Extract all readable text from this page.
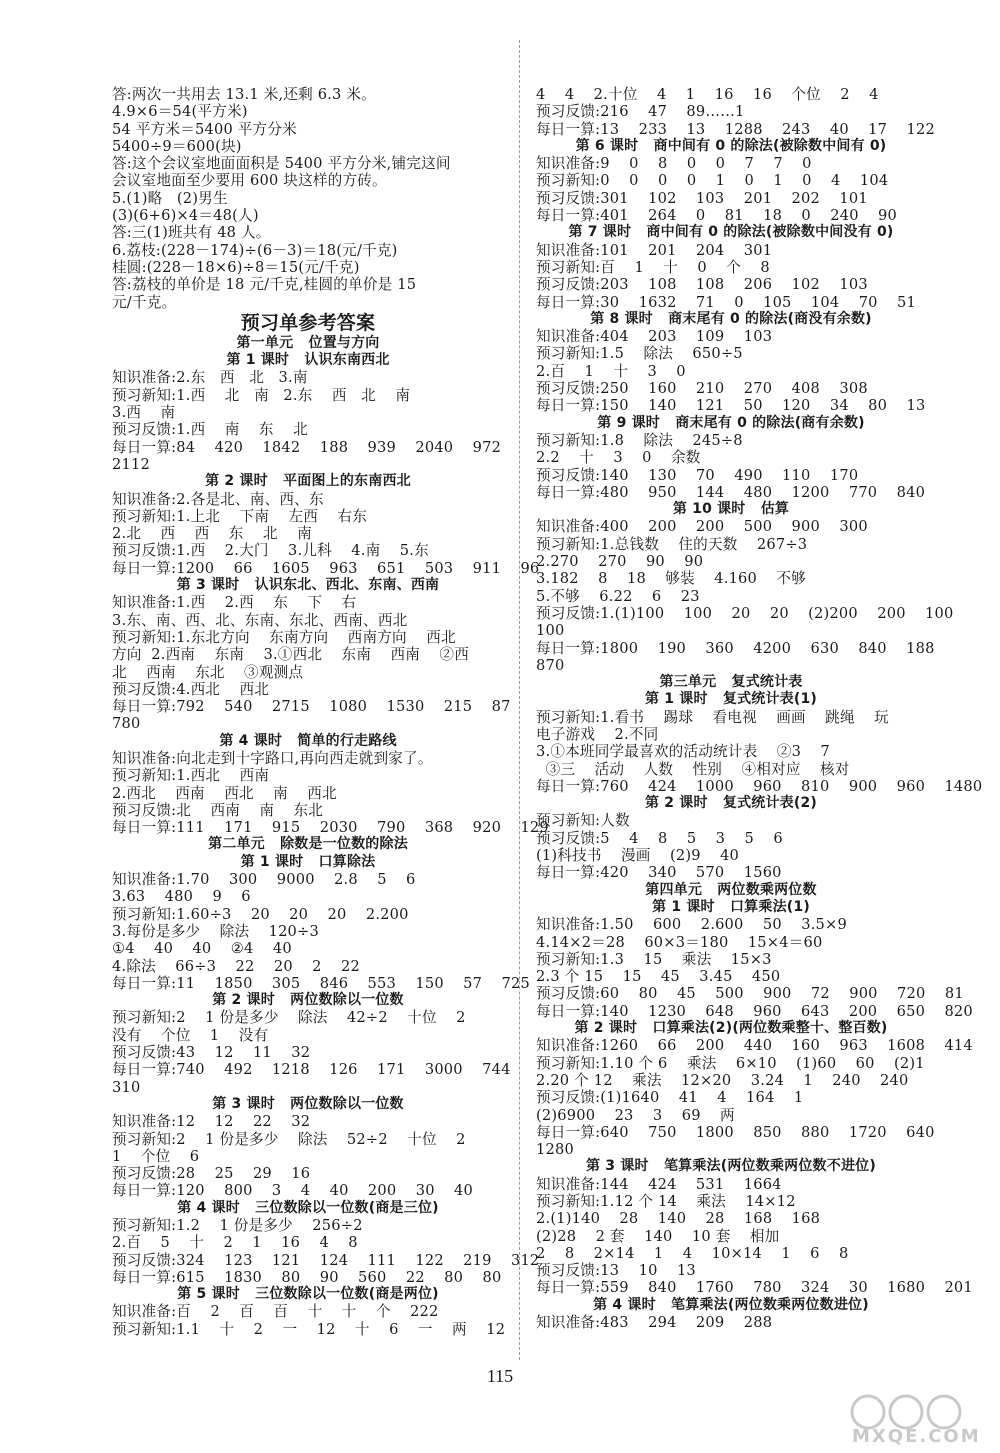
答:两次一共用去 13.1 米,还剩 6.3 米。
4.9×6＝54(平方米)
54 平方米＝5400 平方分米
5400÷9＝600(块)
答:这个会议室地面面积是 5400 平方分米,铺完这间
会议室地面至少要用 600 块这样的方砖。
5.(1)略   (2)男生
(3)(6+6)×4＝48(人)
答:三(1)班共有 48 人。
6.荔枝:(228－174)÷(6－3)＝18(元/千克)
桂圆:(228－18×6)÷8＝15(元/千克)
答:荔枝的单价是 18 元/千克,桂圆的单价是 15
元/千克。
预习单参考答案
第一单元   位置与方向
第 1 课时   认识东南西北
知识准备:2.东   西   北   3.南
预习新知:1.西    北   南   2.东    西   北    南
3.西    南
预习反馈:1.西    南    东    北
每日一算:84    420    1842    188    939    2040    972
2112
第 2 课时   平面图上的东南西北
知识准备:2.各是北、南、西、东
预习新知:1.上北    下南    左西    右东
2.北    西    西    东    北    南
预习反馈:1.西    2.大门    3.儿科    4.南    5.东
每日一算:1200    66    1605    963    651    503    911    96
第 3 课时   认识东北、西北、东南、西南
知识准备:1.西    2.西    东    下    右
3.东、南、西、北、东南、东北、西南、西北
预习新知:1.东北方向    东南方向    西南方向    西北
方向  2.西南    东南    3.①西北    东南    西南    ②西
北    西南    东北    ③观测点
预习反馈:4.西北    西北
每日一算:792    540    2715    1080    1530    215    87
780
第 4 课时   简单的行走路线
知识准备:向北走到十字路口,再向西走就到家了。
预习新知:1.西北    西南
2.西北    西南    西北    南    西北
预习反馈:北    西南    南    东北
每日一算:111    171    915    2030    790    368    920    129
第二单元   除数是一位数的除法
第 1 课时   口算除法
知识准备:1.70    300    9000    2.8    5    6
3.63    480    9    6
预习新知:1.60÷3    20    20    20    2.200
3.每份是多少    除法    120÷3
①4    40    40    ②4    40
4.除法    66÷3    22    20    2    22
每日一算:11    1850    305    846    553    150    57    725
第 2 课时   两位数除以一位数
预习新知:2    1 份是多少    除法    42÷2    十位    2
没有    个位    1    没有
预习反馈:43    12    11    32
每日一算:740    492    1218    126    171    3000    744
310
第 3 课时   两位数除以一位数
知识准备:12    12    22    32
预习新知:2    1 份是多少    除法    52÷2    十位    2
1    个位    6
预习反馈:28    25    29    16
每日一算:120    800    3    4    40    200    30    40
第 4 课时   三位数除以一位数(商是三位)
预习新知:1.2    1 份是多少    256÷2
2.百    5    十    2    1    16    4    8
预习反馈:324    123    121    124    111    122    219    312
每日一算:615    1830    80    90    560    22    80    80
第 5 课时   三位数除以一位数(商是两位)
知识准备:百    2    百    百    十    十    个    222
预习新知:1.1    十    2    一    12    十    6    一    两    12
4    4    2.十位    4    1    16    16    个位    2    4
预习反馈:216    47    89……1
每日一算:13    233    13    1288    243    40    17    122
第 6 课时   商中间有 0 的除法(被除数中间有 0)
知识准备:9    0    8    0    0    7    7    0
预习新知:0    0    0    0    1    0    1    0    4    104
预习反馈:301    102    103    201    202    101
每日一算:401    264    0    81    18    0    240    90
第 7 课时   商中间有 0 的除法(被除数中间没有 0)
知识准备:101    201    204    301
预习新知:百    1    十    0    个    8
预习反馈:203    108    108    206    102    103
每日一算:30    1632    71    0    105    104    70    51
第 8 课时   商末尾有 0 的除法(商没有余数)
知识准备:404    203    109    103
预习新知:1.5    除法    650÷5
2.百    1    十    3    0
预习反馈:250    160    210    270    408    308
每日一算:150    140    121    50    120    34    80    13
第 9 课时   商末尾有 0 的除法(商有余数)
预习新知:1.8    除法    245÷8
2.2    十    3    0    余数
预习反馈:140    130    70    490    110    170
每日一算:480    950    144    480    1200    770    840
第 10 课时   估算
知识准备:400    200    200    500    900    300
预习新知:1.总钱数    住的天数    267÷3
2.270    270    90    90
3.182    8    18    够装    4.160    不够
5.不够    6.22    6    23
预习反馈:1.(1)100    100    20    20    (2)200    200    100
100
每日一算:1800    190    360    4200    630    840    188
870
第三单元   复式统计表
第 1 课时   复式统计表(1)
预习新知:1.看书    踢球    看电视    画画    跳绳    玩
电子游戏    2.不同
3.①本班同学最喜欢的活动统计表    ②3    7
③三    活动    人数    性别    ④相对应    核对
每日一算:760    424    1000    960    810    900    960    1480
第 2 课时   复式统计表(2)
预习新知:人数
预习反馈:5    4    8    5    3    5    6
(1)科技书    漫画    (2)9    40
每日一算:420    340    570    1560
第四单元   两位数乘两位数
第 1 课时   口算乘法(1)
知识准备:1.50    600    2.600    50    3.5×9
4.14×2＝28    60×3＝180    15×4＝60
预习新知:1.3    15    乘法    15×3
2.3 个 15    15    45    3.45    450
预习反馈:60    80    45    500    900    72    900    720    81
每日一算:140    1230    648    960    643    200    650    820
第 2 课时   口算乘法(2)(两位数乘整十、整百数)
知识准备:1260    66    200    440    160    963    1608    414
预习新知:1.10 个 6    乘法    6×10    (1)60    60    (2)1
2.20 个 12    乘法    12×20    3.24    1    240    240
预习反馈:(1)1640    41    4    164    1
(2)6900    23    3    69    两
每日一算:640    750    1800    850    880    1720    640
1280
第 3 课时   笔算乘法(两位数乘两位数不进位)
知识准备:144    424    531    1664
预习新知:1.12 个 14    乘法    14×12
2.(1)140    28    140    28    168    168
(2)28    2 套    140    10 套    相加
2    8    2×14    1    4    10×14    1    6    8
预习反馈:13    10    13
每日一算:559    840    1760    780    324    30    1680    201
第 4 课时   笔算乘法(两位数乘两位数进位)
知识准备:483    294    209    288
115
MXQE.COM
